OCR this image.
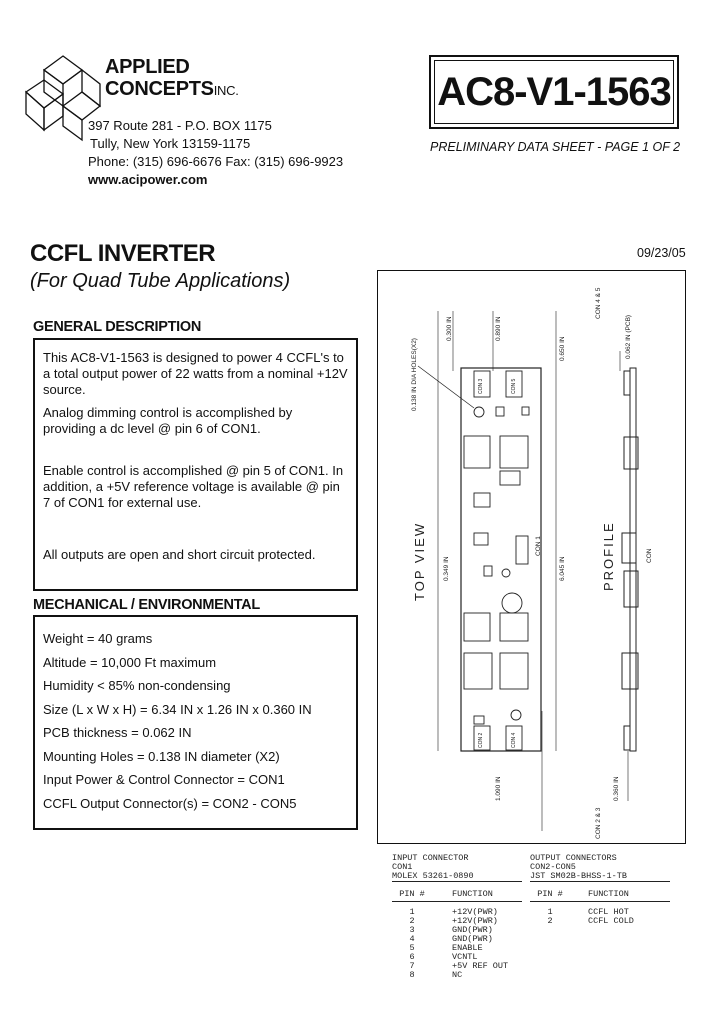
APPLIED
CONCEPTSINC.
397 Route 281 - P.O. BOX 1175
Tully, New York 13159-1175
Phone: (315) 696-6676 Fax: (315) 696-9923
www.acipower.com
AC8-V1-1563
PRELIMINARY DATA SHEET - PAGE 1 OF 2
CCFL INVERTER
(For Quad Tube Applications)
09/23/05
GENERAL DESCRIPTION

This AC8-V1-1563 is designed to power 4 CCFL's to a total output power of 22 watts from a nominal +12V source.

Analog dimming control is accomplished by providing a dc level @ pin 6 of CON1.

Enable control is accomplished @ pin 5 of CON1. In addition, a +5V reference voltage is available @ pin 7 of CON1 for external use.

All outputs are open and short circuit protected.

MECHANICAL / ENVIRONMENTAL
Weight = 40 grams
Altitude = 10,000 Ft maximum
Humidity < 85% non-condensing
Size (L x W x H) = 6.34 IN x 1.26 IN x 0.360 IN
PCB thickness = 0.062 IN
Mounting Holes = 0.138 IN diameter (X2)
Input Power & Control Connector = CON1
CCFL Output Connector(s) = CON2 - CON5
TOP VIEW	PROFILE
0.138 IN DIA HOLES(X2)
0.300 IN	0.890 IN
0.650 IN
CON 4 & 5
0.062 IN (PCB)
0.349 IN	6.045 IN
CON 1	CON
1.090 IN	0.360 IN
CON 2 & 3
CON 3	CON 5
CON 2	CON 4
INPUT CONNECTOR
CON1
MOLEX 53261-0890
PIN #	FUNCTION
1	+12V(PWR)
2	+12V(PWR)
3	GND(PWR)
4	GND(PWR)
5	ENABLE
6	VCNTL
7	+5V REF OUT
8	NC
OUTPUT CONNECTORS
CON2-CON5
JST SM02B-BHSS-1-TB
PIN #	FUNCTION
1	CCFL HOT
2	CCFL COLD
